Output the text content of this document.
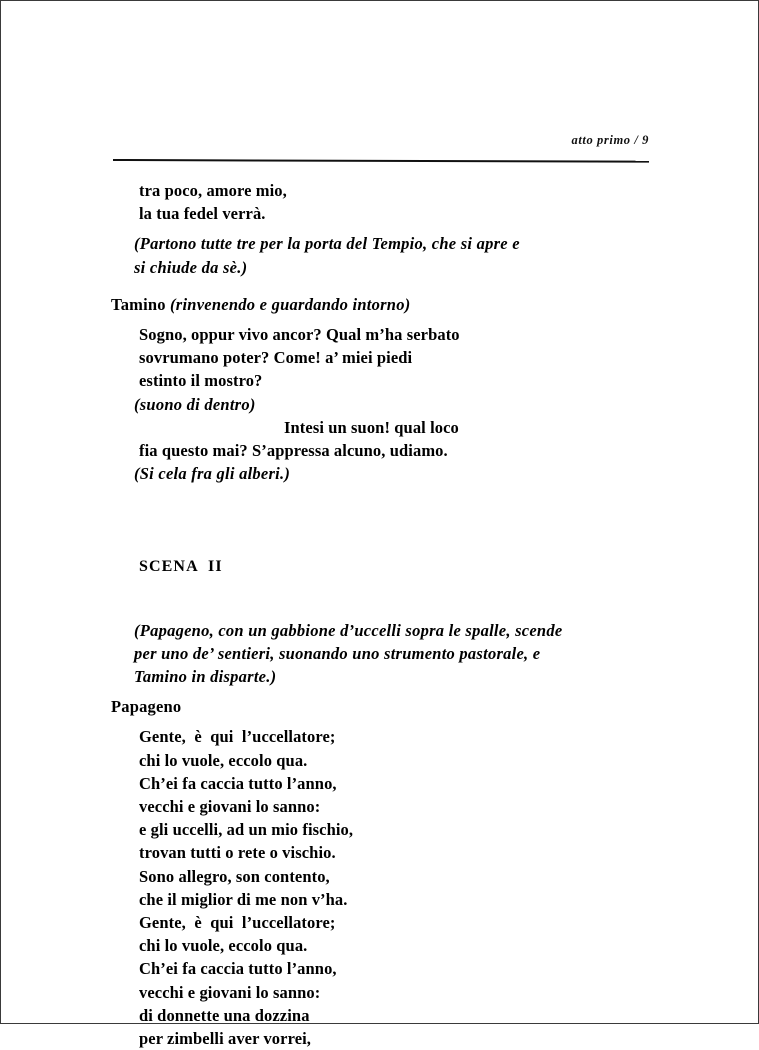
atto primo / 9
tra poco, amore mio,
la tua fedel verrà.
(Partono tutte tre per la porta del Tempio, che si apre e
si chiude da sè.)
Tamino (rinvenendo e guardando intorno)
Sogno, oppur vivo ancor? Qual m’ha serbato
sovrumano poter? Come! a’ miei piedi
estinto il mostro?
(suono di dentro)
Intesi un suon! qual loco
fia questo mai? S’appressa alcuno, udiamo.
(Si cela fra gli alberi.)
SCENA  II
(Papageno, con un gabbione d’uccelli sopra le spalle, scende
per uno de’ sentieri, suonando uno strumento pastorale, e
Tamino in disparte.)
Papageno
Gente,  è  qui  l’uccellatore;
chi lo vuole, eccolo qua.
Ch’ei fa caccia tutto l’anno,
vecchi e giovani lo sanno:
e gli uccelli, ad un mio fischio,
trovan tutti o rete o vischio.
Sono allegro, son contento,
che il miglior di me non v’ha.
Gente,  è  qui  l’uccellatore;
chi lo vuole, eccolo qua.
Ch’ei fa caccia tutto l’anno,
vecchi e giovani lo sanno:
di donnette una dozzina
per zimbelli aver vorrei,
